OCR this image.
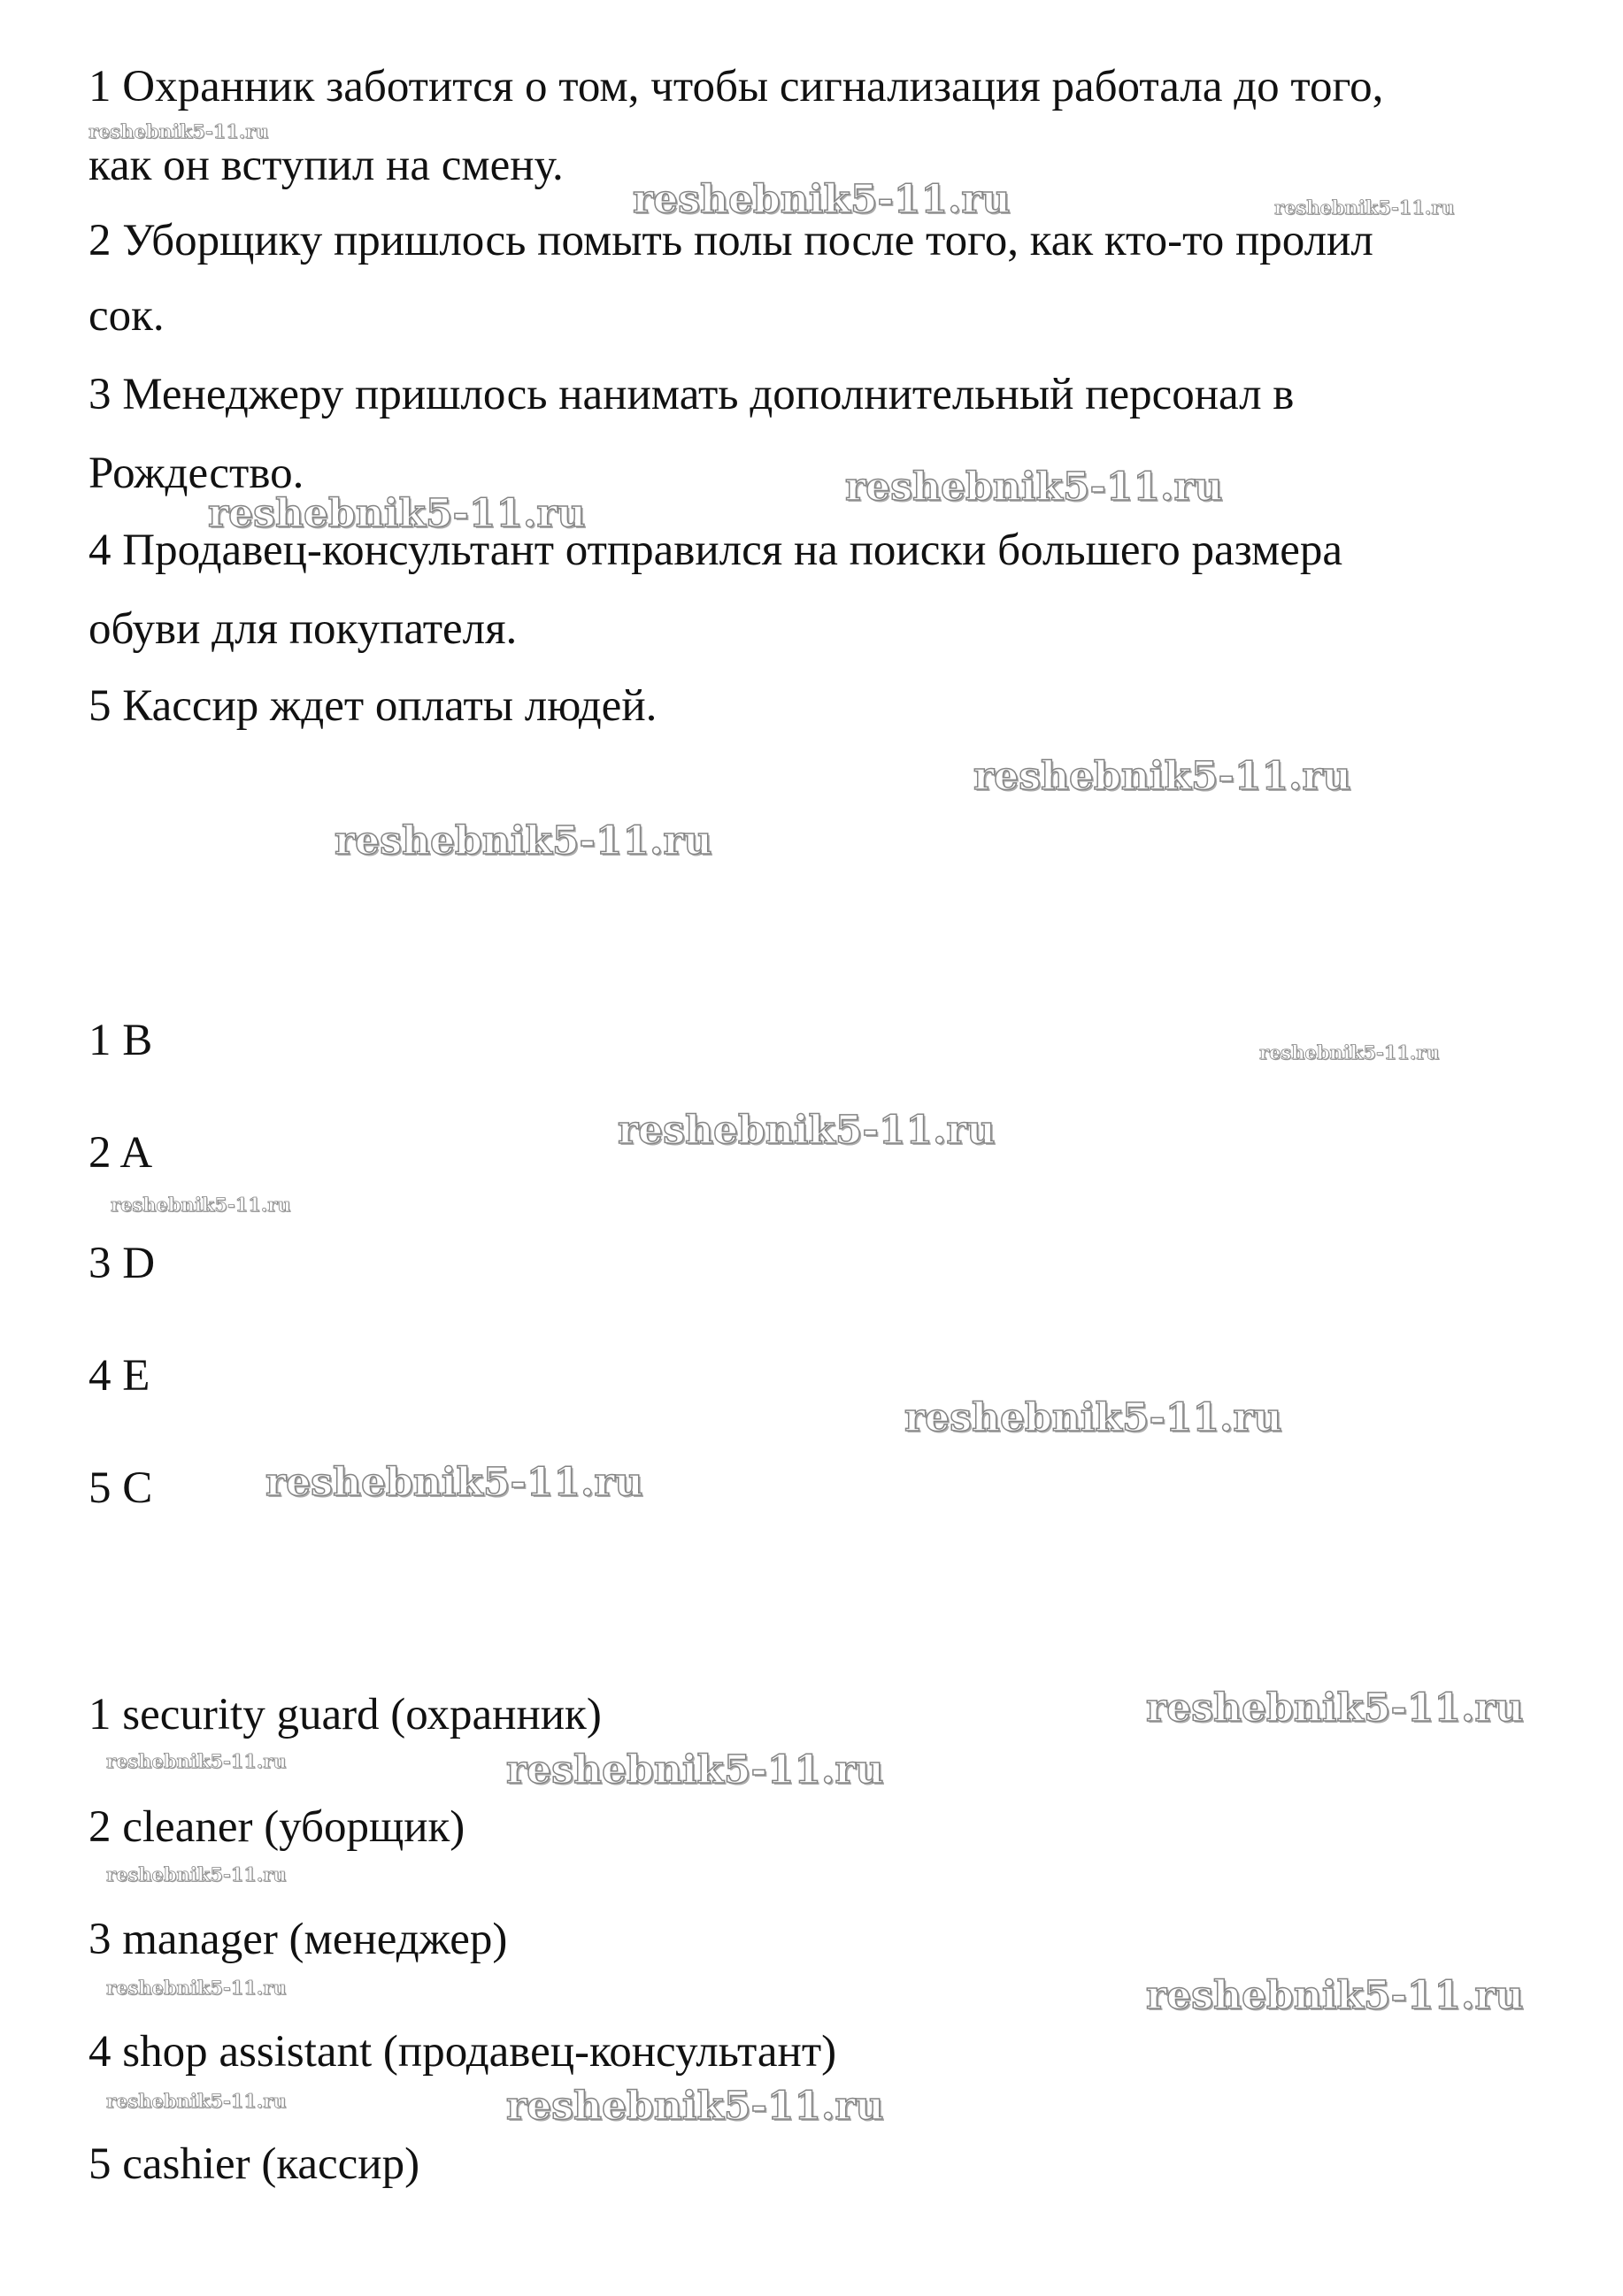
1 Охранник заботится о том, чтобы сигнализация работала до того,

как он вступил на смену.

2 Уборщику пришлось помыть полы после того, как кто-то пролил

сок.

3 Менеджеру пришлось нанимать дополнительный персонал в

Рождество.

4 Продавец-консультант отправился на поиски большего размера

обуви для покупателя.

5 Кассир ждет оплаты людей.

1 B

2 A

3 D

4 E

5 C

1 security guard (охранник)

2 cleaner (уборщик)

3 manager (менеджер)

4 shop assistant (продавец-консультант)

5 cashier (кассир)

reshebnik5-11.ru
reshebnik5-11.ru	reshebnik5-11.ru
reshebnik5-11.ru
reshebnik5-11.ru
reshebnik5-11.ru
reshebnik5-11.ru
reshebnik5-11.ru
reshebnik5-11.ru
reshebnik5-11.ru
reshebnik5-11.ru
reshebnik5-11.ru
reshebnik5-11.ru
reshebnik5-11.ru	reshebnik5-11.ru
reshebnik5-11.ru
reshebnik5-11.ru	reshebnik5-11.ru
reshebnik5-11.ru	reshebnik5-11.ru
